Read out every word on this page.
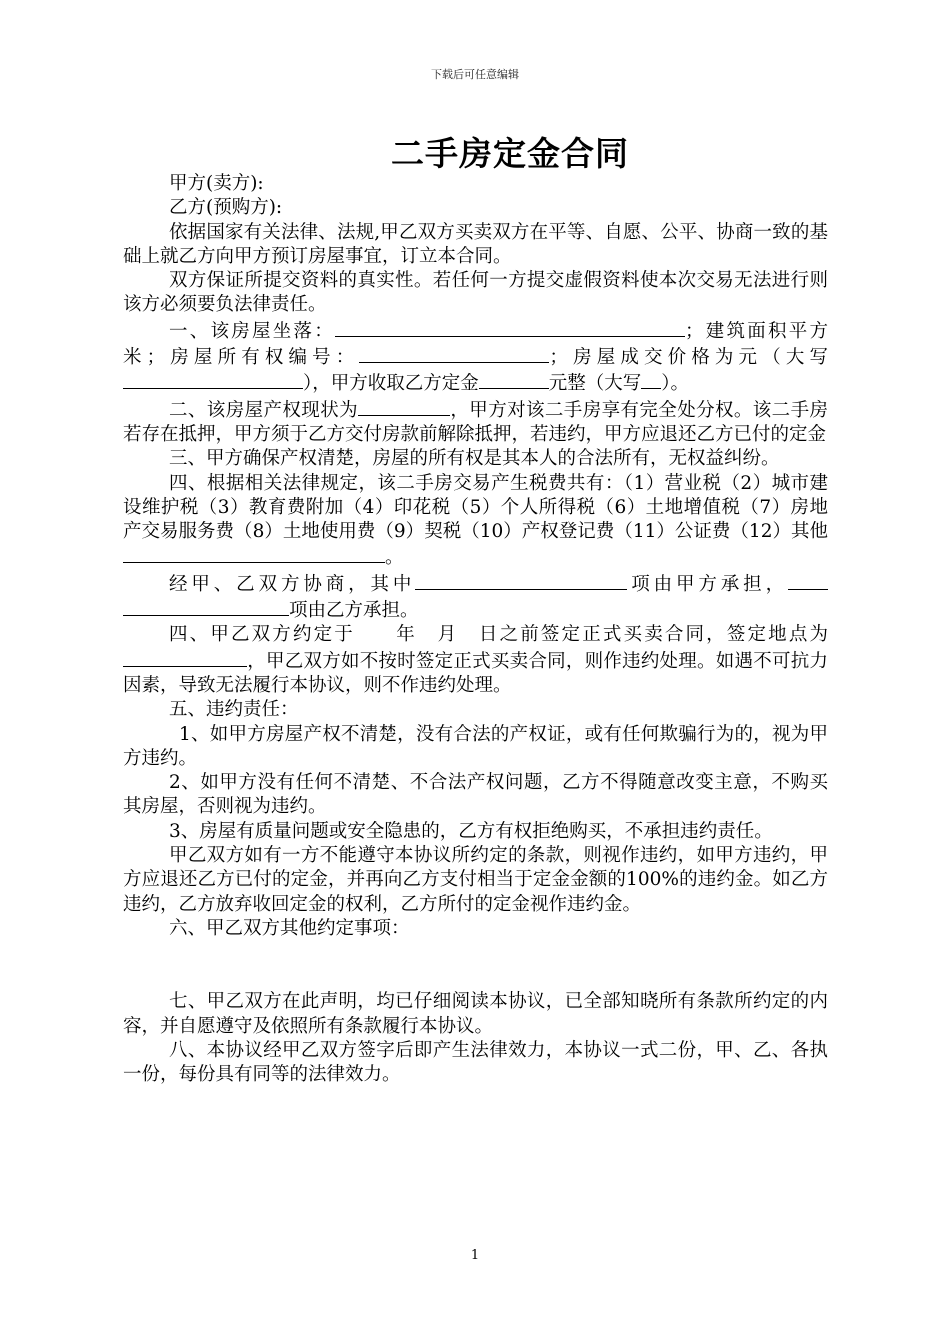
下载后可任意编辑
二手房定金合同

甲方(卖方):

乙方(预购方):

依据国家有关法律、法规,甲乙双方买卖双方在平等、自愿、公平、协商一致的基础上就乙方向甲方预订房屋事宜，订立本合同。

双方保证所提交资料的真实性。若任何一方提交虚假资料使本次交易无法进行则该方必须要负法律责任。

一、该房屋坐落：	；建筑面积平方米；房屋所有权编号：	；房屋成交价格为元（大写），甲方收取乙方定金	元整（大写 ）。

二、该房屋产权现状为	，甲方对该二手房享有完全处分权。该二手房若存在抵押，甲方须于乙方交付房款前解除抵押，若违约，甲方应退还乙方已付的定金

三、甲方确保产权清楚，房屋的所有权是其本人的合法所有，无权益纠纷。

四、根据相关法律规定，该二手房交易产生税费共有：（1）营业税（2）城市建设维护税（3）教育费附加（4）印花税（5）个人所得税（6）土地增值税（7）房地产交易服务费（8）土地使用费（9）契税（10）产权登记费（11）公证费（12）其他。

经甲、乙双方协商，其中	项由甲方承担，项由乙方承担。

四、甲乙双方约定于　　年　月　日之前签定正式买卖合同，签定地点为，甲乙双方如不按时签定正式买卖合同，则作违约处理。如遇不可抗力因素，导致无法履行本协议，则不作违约处理。

五、违约责任：

1、如甲方房屋产权不清楚，没有合法的产权证，或有任何欺骗行为的，视为甲方违约。

2、如甲方没有任何不清楚、不合法产权问题，乙方不得随意改变主意，不购买其房屋，否则视为违约。

3、房屋有质量问题或安全隐患的，乙方有权拒绝购买，不承担违约责任。

甲乙双方如有一方不能遵守本协议所约定的条款，则视作违约，如甲方违约，甲方应退还乙方已付的定金，并再向乙方支付相当于定金金额的100%的违约金。如乙方违约，乙方放弃收回定金的权利，乙方所付的定金视作违约金。

六、甲乙双方其他约定事项：

七、甲乙双方在此声明，均已仔细阅读本协议，已全部知晓所有条款所约定的内容，并自愿遵守及依照所有条款履行本协议。

八、本协议经甲乙双方签字后即产生法律效力，本协议一式二份，甲、乙、各执一份，每份具有同等的法律效力。

1
